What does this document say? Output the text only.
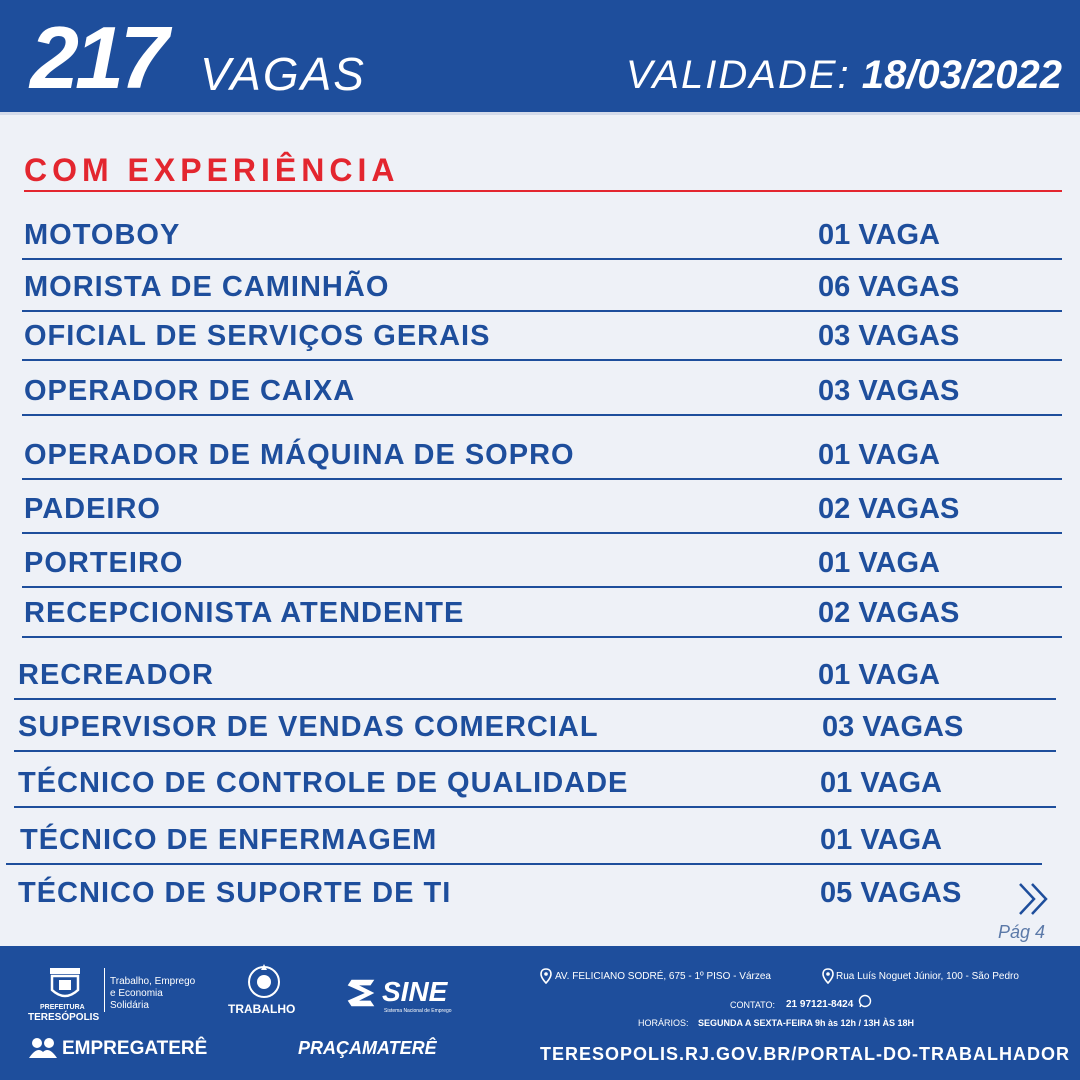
217 VAGAS	VALIDADE: 18/03/2022
COM EXPERIÊNCIA
MOTOBOY	01 VAGA
MORISTA DE CAMINHÃO	06 VAGAS
OFICIAL DE SERVIÇOS GERAIS	03 VAGAS
OPERADOR DE CAIXA	03 VAGAS
OPERADOR DE MÁQUINA DE SOPRO	01 VAGA
PADEIRO	02 VAGAS
PORTEIRO	01 VAGA
RECEPCIONISTA ATENDENTE	02 VAGAS
RECREADOR	01 VAGA
SUPERVISOR DE VENDAS COMERCIAL	03 VAGAS
TÉCNICO DE CONTROLE DE QUALIDADE	01 VAGA
TÉCNICO DE ENFERMAGEM	01 VAGA
TÉCNICO DE SUPORTE DE TI	05 VAGAS
Pág 4
PREFEITURA
TERESÓPOLIS
Trabalho, Emprego
e Economia
Solidária	TRABALHO
SINE
Sistema Nacional de Emprego
EMPREGATERÊ	PRAÇAMATERÊ
AV. FELICIANO SODRÉ, 675 - 1º PISO - Várzea	Rua Luís Noguet Júnior, 100 - São Pedro
CONTATO: 21 97121-8424
HORÁRIOS: SEGUNDA A SEXTA-FEIRA 9h às 12h / 13H ÀS 18H
TERESOPOLIS.RJ.GOV.BR/PORTAL-DO-TRABALHADOR
